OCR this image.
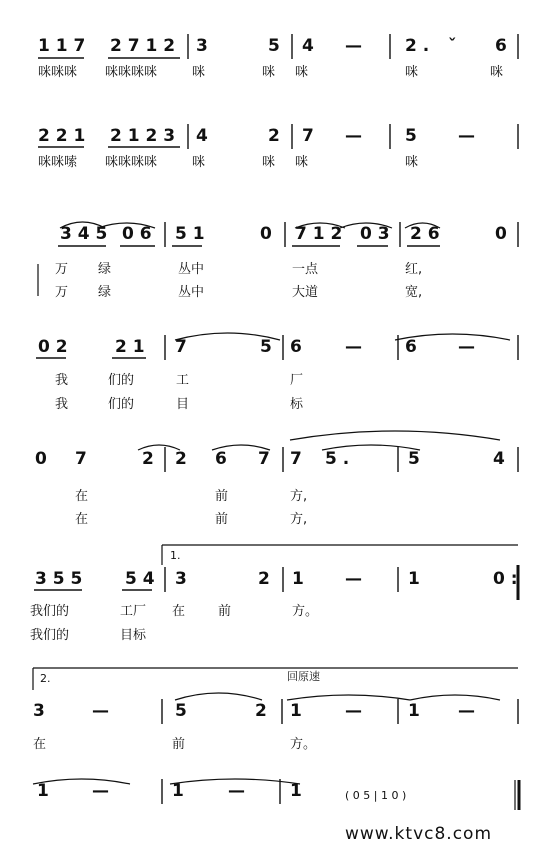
1 1 7 2 7 1 2 3	5 4 —	2 . ˇ 6
咪咪咪 咪咪咪咪	咪	咪 咪	咪	咪
2 2 1 2 1 2 3 4	2 7 —	5 —
咪咪嗦 咪咪咪咪	咪	咪 咪	咪
3 4 5 0 6 5 1	0 7 1 2 0 3 2 6	0
万 绿	丛中	一点	红,
万 绿	丛中	大道	宽,
0 2	2 1 7	5 6	—	6 —
我	们的	工	厂
我	们的	目	标
0 7	2 2 6 7 7 5 .	5	4
在	前	方,
在	前	方,
3 5 5	5 4 3	2 1 —	1	0 :
我们的	工厂 在	前	方。
我们的	目标
3	—	5	2 1	—	1 —
在	前	方。
1	—	1	—	1
1.
2.	回原速
( 0 5 | 1 0 )
www.ktvc8.com
